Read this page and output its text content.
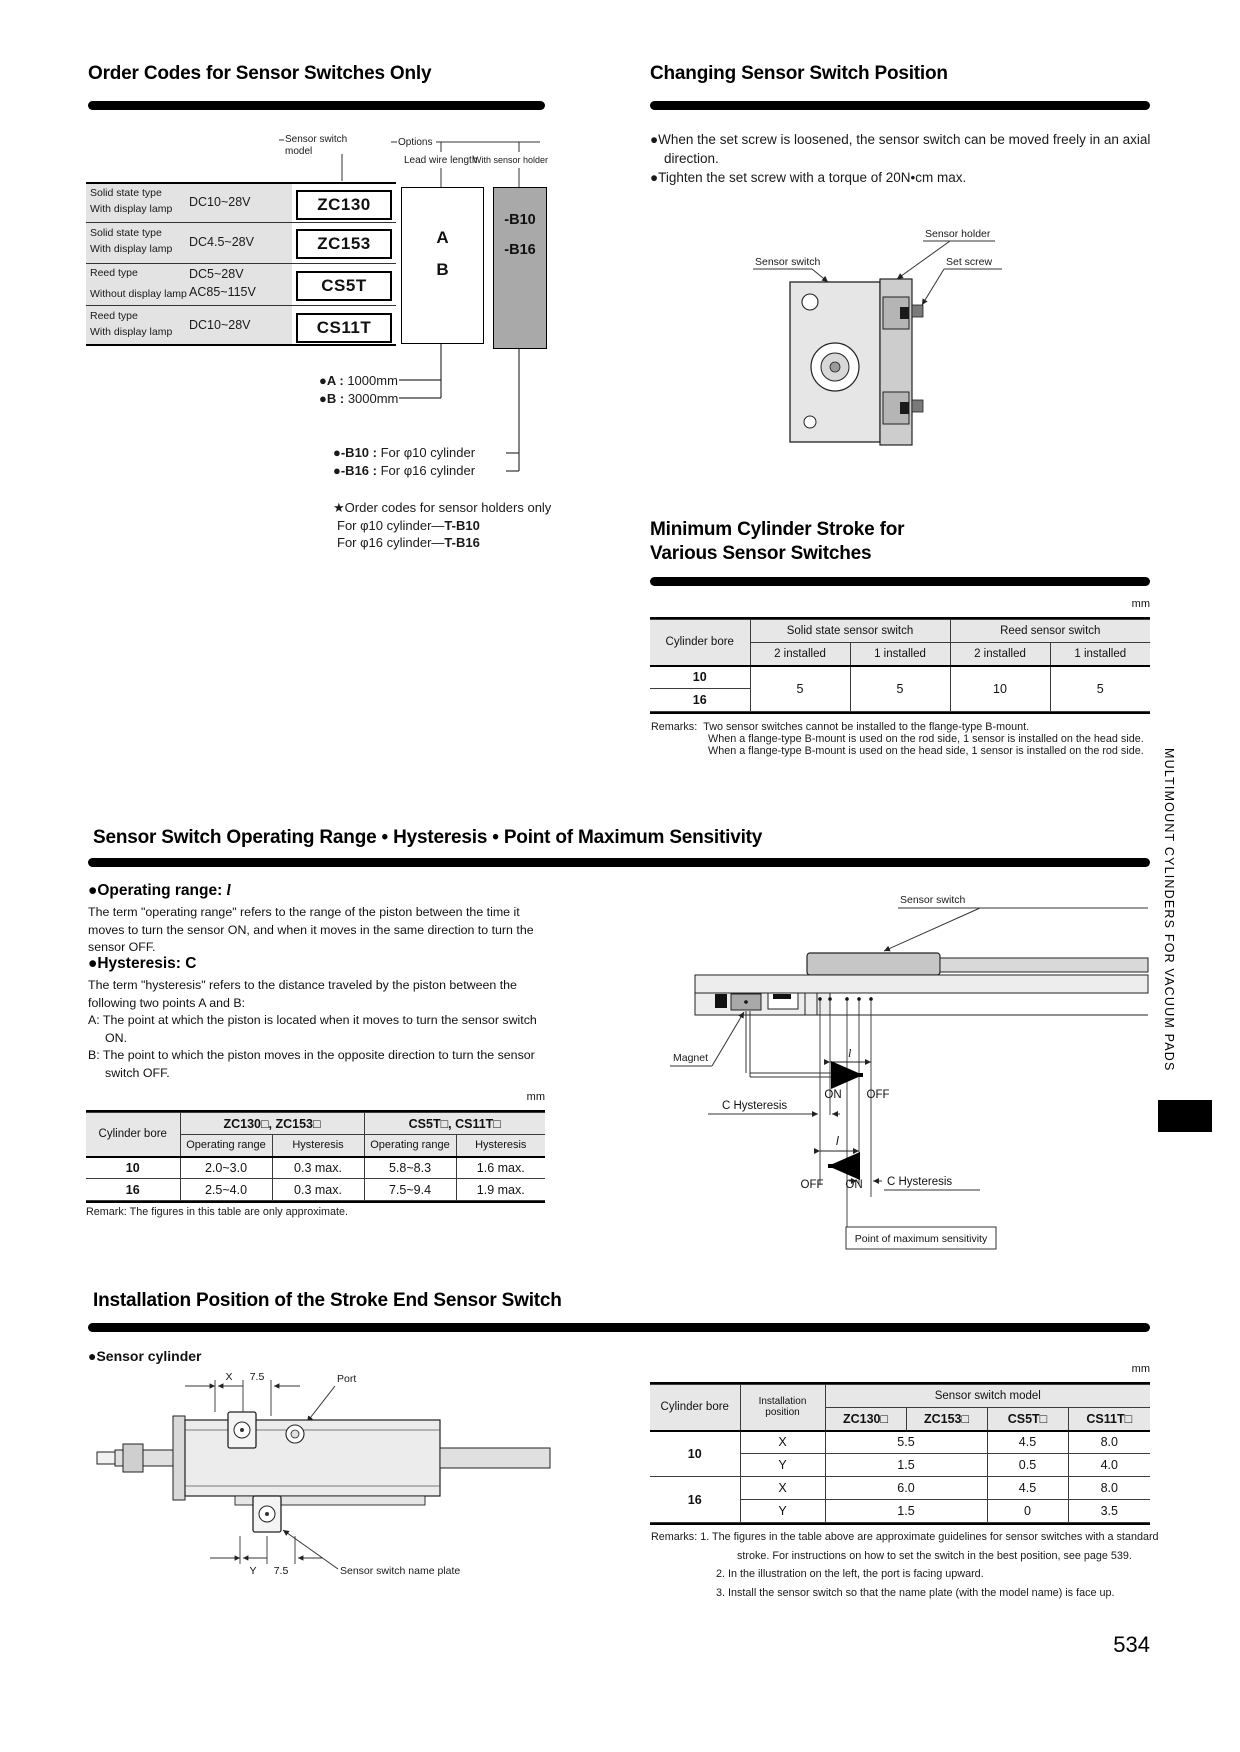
Order Codes for Sensor Switches Only
Sensor switch
model
Options
Lead wire length
With sensor holder
Solid state type
With display lamp DC10~28V	ZC130
Solid state type
With display lamp DC4.5~28V	ZC153
Reed type
Without display lamp
DC5~28V
AC85~115V	CS5T
Reed type
With display lamp DC10~28V	CS11T
A
B
-B10
-B16
●A : 1000mm
●B : 3000mm
●-B10 : For φ10 cylinder
●-B16 : For φ16 cylinder
★Order codes for sensor holders only
For φ10 cylinder—T-B10
For φ16 cylinder—T-B16
Changing Sensor Switch Position
●When the set screw is loosened, the sensor switch can be moved freely in an axial direction.
●Tighten the set screw with a torque of 20N•cm max.
Sensor switch
Sensor holder
Set screw
Minimum Cylinder Stroke for
Various Sensor Switches
mm
Cylinder bore	Solid state sensor switch		Reed sensor switch	
	2 installed	1 installed	2 installed	1 installed
10	5	5	10	5
16				
Remarks: Two sensor switches cannot be installed to the flange-type B-mount.
When a flange-type B-mount is used on the rod side, 1 sensor is installed on the head side.
When a flange-type B-mount is used on the head side, 1 sensor is installed on the rod side.
Sensor Switch Operating Range • Hysteresis • Point of Maximum Sensitivity
●Operating range: l
The term "operating range" refers to the range of the piston between the time it moves to turn the sensor ON, and when it moves in the same direction to turn the sensor OFF.
●Hysteresis: C
The term "hysteresis" refers to the distance traveled by the piston between the following two points A and B:
A: The point at which the piston is located when it moves to turn the sensor switch ON.
B: The point to which the piston moves in the opposite direction to turn the sensor switch OFF.
mm
Cylinder bore	ZC130□, ZC153□		CS5T□, CS11T□	
	Operating range	Hysteresis	Operating range	Hysteresis
10	2.0~3.0	0.3 max.	5.8~8.3	1.6 max.
16	2.5~4.0	0.3 max.	7.5~9.4	1.9 max.
Remark: The figures in this table are only approximate.
Sensor switch
Magnet	l
ON OFF
C Hysteresis
l
OFF ON C Hysteresis
Point of maximum sensitivity
Installation Position of the Stroke End Sensor Switch
●Sensor cylinder
mm
X 7.5	Port
Y 7.5	Sensor switch name plate
Cylinder bore	Installation position	Sensor switch model			
		ZC130□	ZC153□	CS5T□	CS11T□
10	X	5.5		4.5	8.0
	Y	1.5		0.5	4.0
16	X	6.0		4.5	8.0
	Y	1.5		0	3.5
Remarks: 1. The figures in the table above are approximate guidelines for sensor switches with a standard
stroke. For instructions on how to set the switch in the best position, see page 539.
2. In the illustration on the left, the port is facing upward.
3. Install the sensor switch so that the name plate (with the model name) is face up.
MULTIMOUNT CYLINDERS FOR VACUUM PADS
534
